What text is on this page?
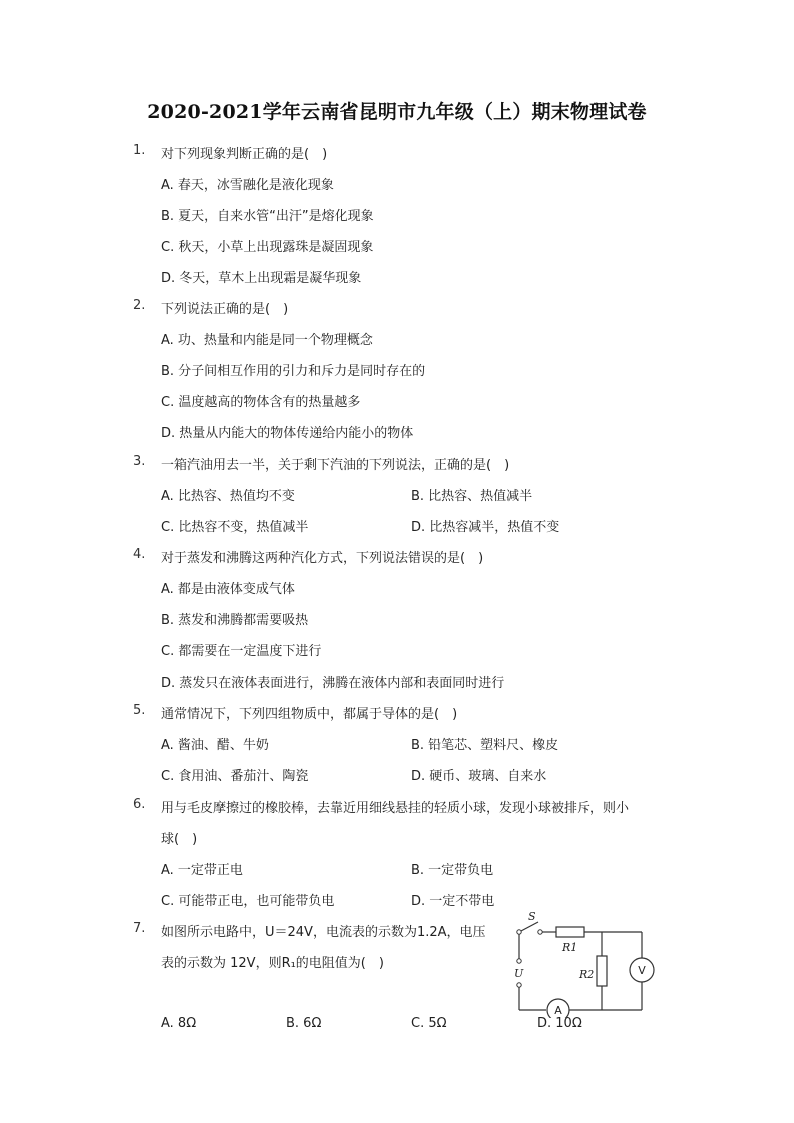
2020-2021学年云南省昆明市九年级（上）期末物理试卷
1. 对下列现象判断正确的是(　)
A. 春天，冰雪融化是液化现象
B. 夏天，自来水管“出汗”是熔化现象
C. 秋天，小草上出现露珠是凝固现象
D. 冬天，草木上出现霜是凝华现象
2. 下列说法正确的是(　)
A. 功、热量和内能是同一个物理概念
B. 分子间相互作用的引力和斥力是同时存在的
C. 温度越高的物体含有的热量越多
D. 热量从内能大的物体传递给内能小的物体
3. 一箱汽油用去一半，关于剩下汽油的下列说法，正确的是(　)
A. 比热容、热值均不变	B. 比热容、热值减半
C. 比热容不变，热值减半	D. 比热容减半，热值不变
4. 对于蒸发和沸腾这两种汽化方式，下列说法错误的是(　)
A. 都是由液体变成气体
B. 蒸发和沸腾都需要吸热
C. 都需要在一定温度下进行
D. 蒸发只在液体表面进行，沸腾在液体内部和表面同时进行
5. 通常情况下，下列四组物质中，都属于导体的是(　)
A. 酱油、醋、牛奶	B. 铅笔芯、塑料尺、橡皮
C. 食用油、番茄汁、陶瓷	D. 硬币、玻璃、自来水
6. 用与毛皮摩擦过的橡胶棒，去靠近用细线悬挂的轻质小球，发现小球被排斥，则小
球(　)
A. 一定带正电	B. 一定带负电
C. 可能带正电，也可能带负电	D. 一定不带电
7. 如图所示电路中，U＝24V，电流表的示数为1.2A，电压
表的示数为 12V，则R₁的电阻值为(　)
A. 8Ω	B. 6Ω	C. 5Ω	D. 10Ω
S
R1
R2
U	V
A
